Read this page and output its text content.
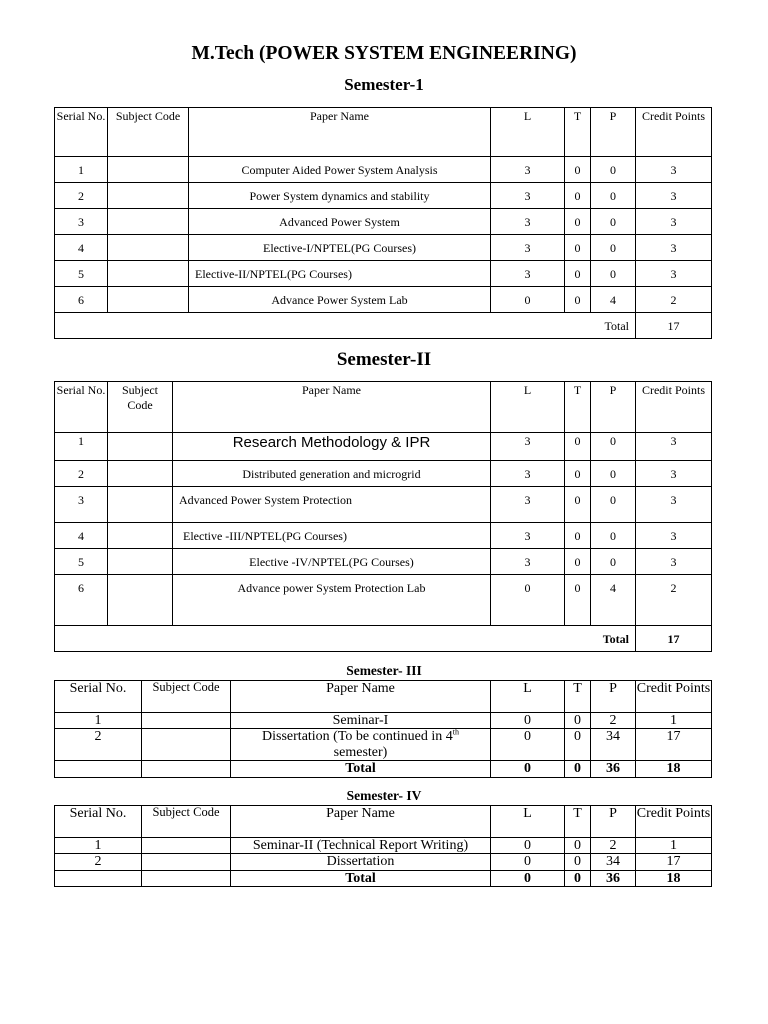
M.Tech (POWER SYSTEM ENGINEERING)
Semester-1
Serial No.	Subject Code	Paper Name	L	T	P	Credit Points
1		Computer Aided Power System Analysis	3	0	0	3
2		Power System dynamics and stability	3	0	0	3
3		Advanced Power System	3	0	0	3
4		Elective-I/NPTEL(PG Courses)	3	0	0	3
5		Elective-II/NPTEL(PG Courses)	3	0	0	3
6		Advance Power System Lab	0	0	4	2
Total						17
Semester-II
Serial No.	Subject Code	Paper Name	L	T	P	Credit Points
1		Research Methodology & IPR	3	0	0	3
2		Distributed generation and microgrid	3	0	0	3
3		Advanced Power System Protection	3	0	0	3
4		Elective -III/NPTEL(PG Courses)	3	0	0	3
5		Elective -IV/NPTEL(PG Courses)	3	0	0	3
6		Advance power System Protection Lab	0	0	4	2
Total						17
Semester- III
Serial No.	Subject Code	Paper Name	L	T	P	Credit Points
1		Seminar-I	0	0	2	1
2		Dissertation (To be continued in 4th
semester)	0	0	34	17
		Total	0	0	36	18
Semester- IV
Serial No.	Subject Code	Paper Name	L	T	P	Credit Points
1		Seminar-II (Technical Report Writing)	0	0	2	1
2		Dissertation	0	0	34	17
		Total	0	0	36	18
